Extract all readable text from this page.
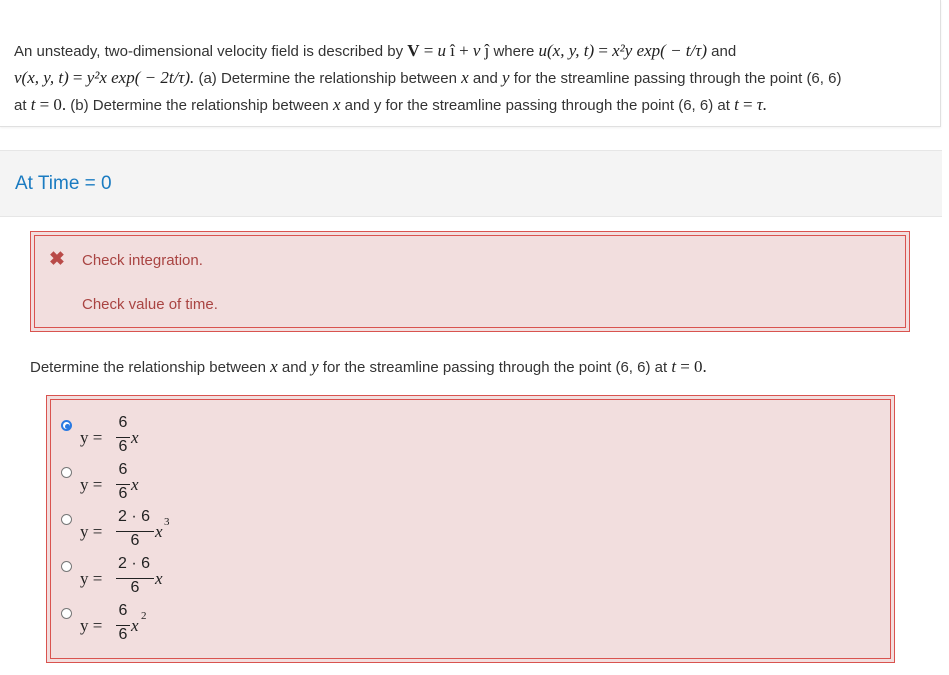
An unsteady, two-dimensional velocity field is described by V = u î + v ĵ where u(x, y, t) = x²y exp( − t/τ) and
v(x, y, t) = y²x exp( − 2t/τ). (a) Determine the relationship between x and y for the streamline passing through the point (6, 6)
at t = 0. (b) Determine the relationship between x and y for the streamline passing through the point (6, 6) at t = τ.
At Time = 0
✖ Check integration.
Check value of time.
Determine the relationship between x and y for the streamline passing through the point (6, 6) at t = 0.
y =
6
6 x
y =
6
6 x
y =
2 · 6
6 x 3
y =
2 · 6
6 x
y =
6
6 x 2
